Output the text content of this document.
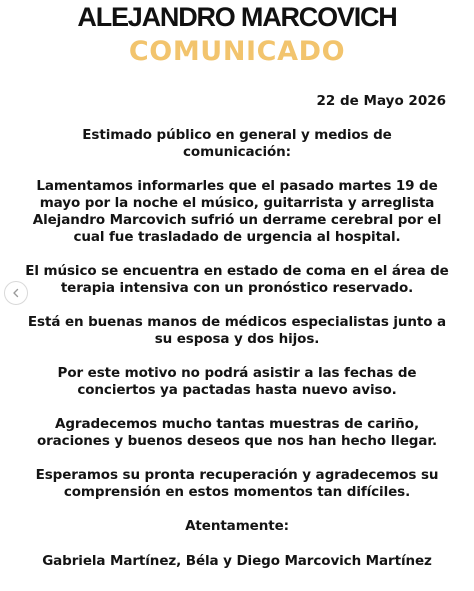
ALEJANDRO MARCOVICH
COMUNICADO
22 de Mayo 2026

Estimado público en general y medios de
comunicación:

Lamentamos informarles que el pasado martes 19 de
mayo por la noche el músico, guitarrista y arreglista
Alejandro Marcovich sufrió un derrame cerebral por el
cual fue trasladado de urgencia al hospital.

El músico se encuentra en estado de coma en el área de
terapia intensiva con un pronóstico reservado.

Está en buenas manos de médicos especialistas junto a
su esposa y dos hijos.

Por este motivo no podrá asistir a las fechas de
conciertos ya pactadas hasta nuevo aviso.

Agradecemos mucho tantas muestras de cariño,
oraciones y buenos deseos que nos han hecho llegar.

Esperamos su pronta recuperación y agradecemos su
comprensión en estos momentos tan difíciles.

Atentamente:

Gabriela Martínez, Béla y Diego Marcovich Martínez
